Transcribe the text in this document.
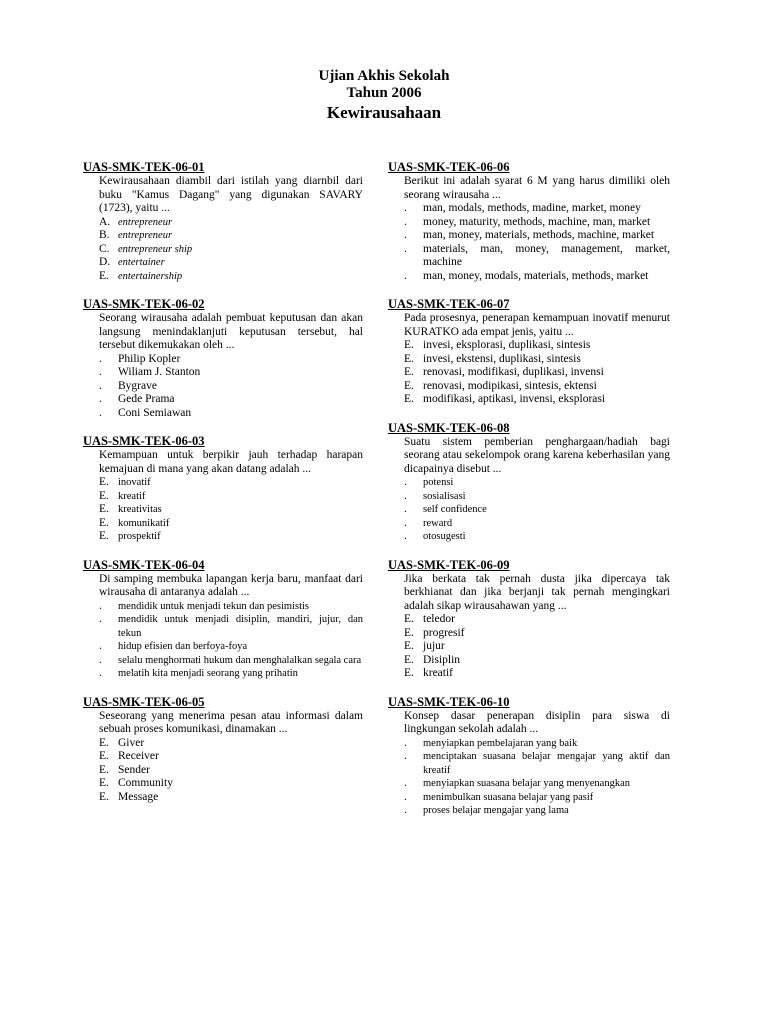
Ujian Akhis Sekolah
Tahun 2006
Kewirausahaan
UAS-SMK-TEK-06-01
Kewirausahaan diambil dari istilah yang diarnbil dari buku "Kamus Dagang" yang digunakan SAVARY (1723), yaitu ...
A. entrepreneur
B. entrepreneur
C. entrepreneur ship
D. entertainer
E. entertainership
UAS-SMK-TEK-06-02
Seorang wirausaha adalah pembuat keputusan dan akan langsung menindaklanjuti keputusan tersebut, hal tersebut dikemukakan oleh ...
.	Philip Kopler
.	Wiliam J. Stanton
.	Bygrave
.	Gede Prama
.	Coni Semiawan
UAS-SMK-TEK-06-03
Kemampuan untuk berpikir jauh terhadap harapan kemajuan di mana yang akan datang adalah ...
E. inovatif
E. kreatif
E. kreativitas
E. komunikatif
E. prospektif
UAS-SMK-TEK-06-04
Di samping membuka lapangan kerja baru, manfaat dari wirausaha di antaranya adalah ...
.	mendidik untuk menjadi tekun dan pesimistis
.	mendidik untuk menjadi disiplin, mandiri, jujur, dan tekun
.	hidup efisien dan berfoya-foya
.	selalu menghormati hukum dan menghalalkan segala cara
.	melatih kita menjadi seorang yang prihatin
UAS-SMK-TEK-06-05
Seseorang yang menerima pesan atau informasi dalam sebuah proses komunikasi, dinamakan ...
E. Giver
E. Receiver
E. Sender
E. Community
E. Message
UAS-SMK-TEK-06-06
Berikut ini adalah syarat 6 M yang harus dimiliki oleh seorang wirausaha ...
.	man, modals, methods, madine, market, money
.	money, maturity, methods, machine, man, market
.	man, money, materials, methods, machine, market
.	materials, man, money, management, market, machine
.	man, money, modals, materials, methods, market
UAS-SMK-TEK-06-07
Pada prosesnya, penerapan kemampuan inovatif menurut KURATKO ada empat jenis, yaitu ...
E. invesi, eksplorasi, duplikasi, sintesis
E. invesi, ekstensi, duplikasi, sintesis
E. renovasi, modifikasi, duplikasi, invensi
E. renovasi, modipikasi, sintesis, ektensi
E. modifikasi, aptikasi, invensi, eksplorasi
UAS-SMK-TEK-06-08
Suatu sistem pemberian penghargaan/hadiah bagi seorang atau sekelompok orang karena keberhasilan yang dicapainya disebut ...
.	potensi
.	sosialisasi
.	self confidence
.	reward
.	otosugesti
UAS-SMK-TEK-06-09
Jika berkata tak pernah dusta jika dipercaya tak berkhianat dan jika berjanji tak pernah mengingkari adalah sikap wirausahawan yang ...
E. teledor
E. progresif
E. jujur
E. Disiplin
E. kreatif
UAS-SMK-TEK-06-10
Konsep dasar penerapan disiplin para siswa di lingkungan sekolah adalah ...
.	menyiapkan pembelajaran yang baik
.	menciptakan suasana belajar mengajar yang aktif dan kreatif
.	menyiapkan suasana belajar yang menyenangkan
.	menimbulkan suasana belajar yang pasif
.	proses belajar mengajar yang lama
